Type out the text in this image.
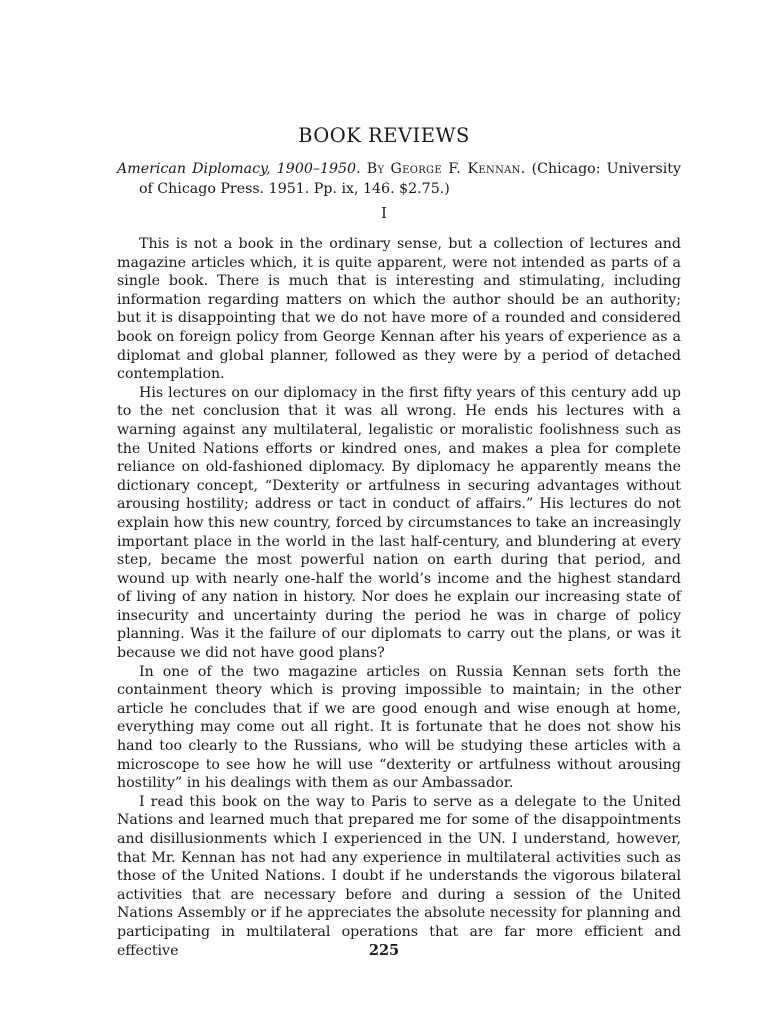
BOOK REVIEWS

American Diplomacy, 1900–1950. By George F. Kennan. (Chicago: University of Chicago Press. 1951. Pp. ix, 146. $2.75.)

I

This is not a book in the ordinary sense, but a collection of lectures and magazine articles which, it is quite apparent, were not intended as parts of a single book. There is much that is interesting and stimulating, including information regarding matters on which the author should be an authority; but it is disappointing that we do not have more of a rounded and considered book on foreign policy from George Kennan after his years of experience as a diplomat and global planner, followed as they were by a period of detached contemplation.

His lectures on our diplomacy in the first fifty years of this century add up to the net conclusion that it was all wrong. He ends his lectures with a warning against any multilateral, legalistic or moralistic foolishness such as the United Nations efforts or kindred ones, and makes a plea for complete reliance on old-fashioned diplomacy. By diplomacy he apparently means the dictionary concept, “Dexterity or artfulness in securing advantages without arousing hostility; address or tact in conduct of affairs.” His lectures do not explain how this new country, forced by circumstances to take an increasingly important place in the world in the last half-century, and blundering at every step, became the most powerful nation on earth during that period, and wound up with nearly one-half the world’s income and the highest standard of living of any nation in history. Nor does he explain our increasing state of insecurity and uncertainty during the period he was in charge of policy planning. Was it the failure of our diplomats to carry out the plans, or was it because we did not have good plans?

In one of the two magazine articles on Russia Kennan sets forth the containment theory which is proving impossible to maintain; in the other article he concludes that if we are good enough and wise enough at home, everything may come out all right. It is fortunate that he does not show his hand too clearly to the Russians, who will be studying these articles with a microscope to see how he will use “dexterity or artfulness without arousing hostility” in his dealings with them as our Ambassador.

I read this book on the way to Paris to serve as a delegate to the United Nations and learned much that prepared me for some of the disappointments and disillusionments which I experienced in the UN. I understand, however, that Mr. Kennan has not had any experience in multilateral activities such as those of the United Nations. I doubt if he understands the vigorous bilateral activities that are necessary before and during a session of the United Nations Assembly or if he appreciates the absolute necessity for planning and participating in multilateral operations that are far more efficient and effective	225
